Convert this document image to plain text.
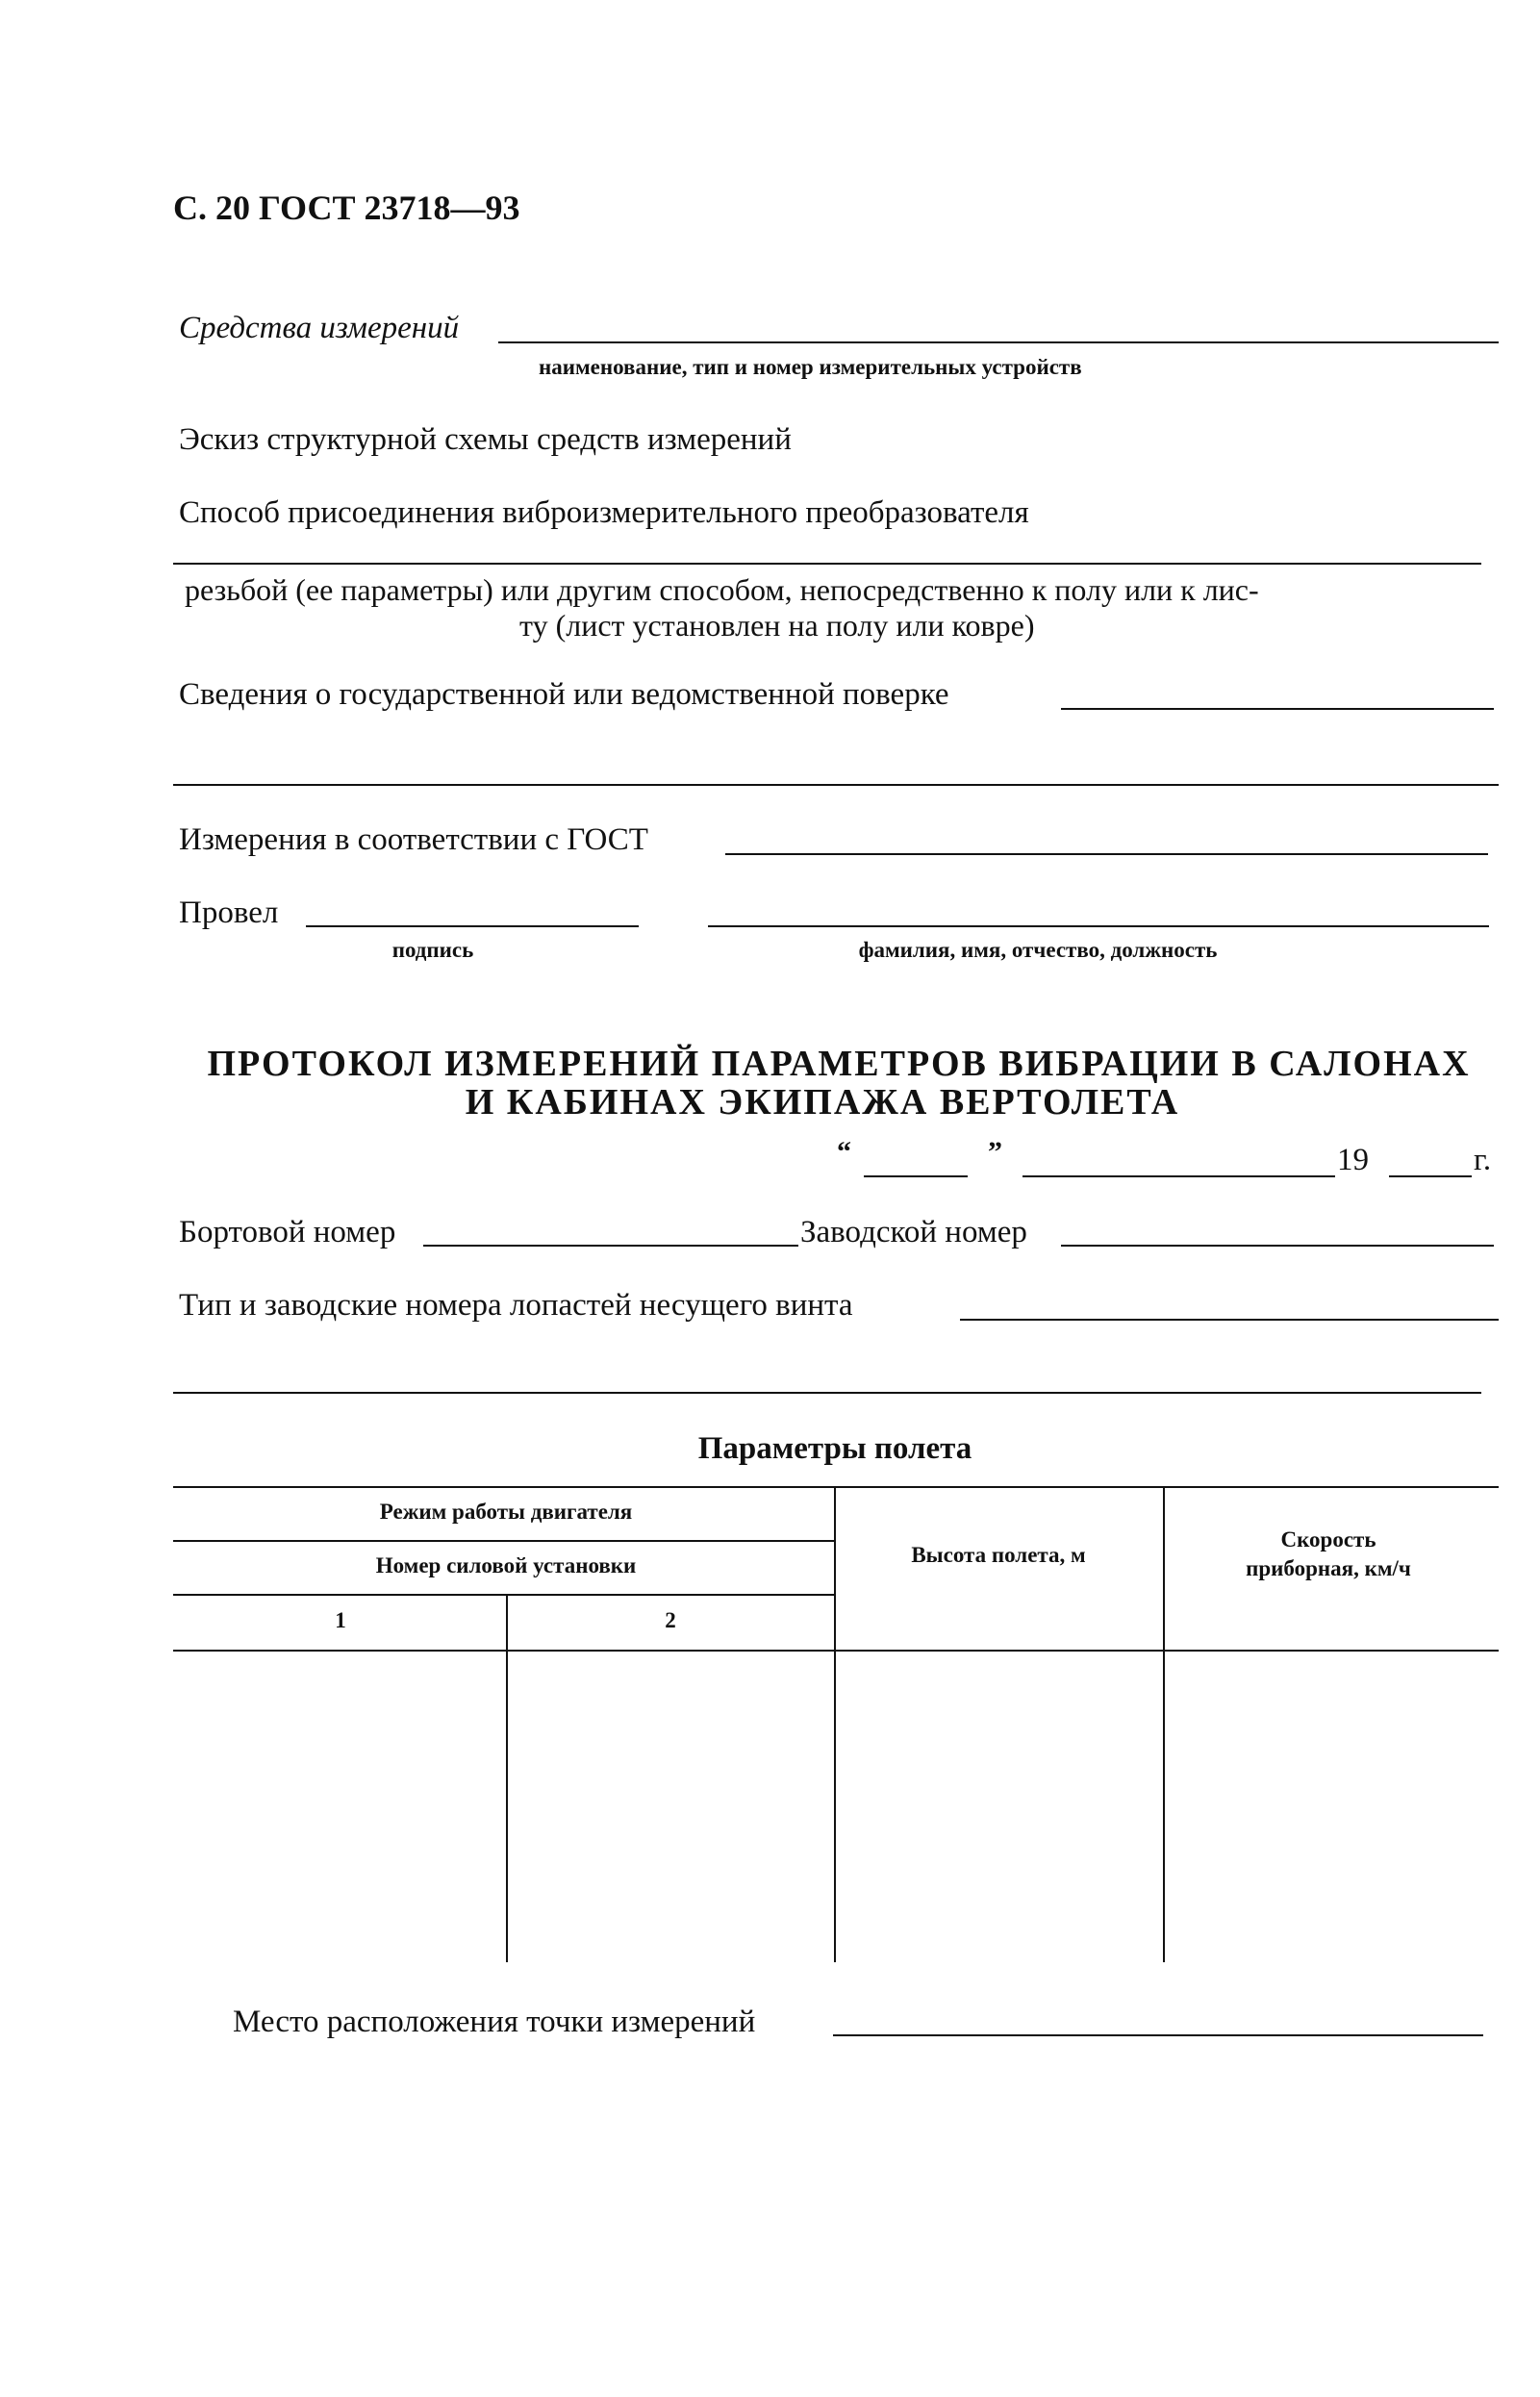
С. 20 ГОСТ 23718—93
Средства измерений
наименование, тип и номер измерительных устройств
Эскиз структурной схемы средств измерений
Способ присоединения виброизмерительного преобразователя
резьбой (ее параметры) или другим способом, непосредственно к полу или к лис-
ту (лист установлен на полу или ковре)
Сведения о государственной или ведомственной поверке
Измерения в соответствии с ГОСТ
Провел
подпись	фамилия, имя, отчество, должность
ПРОТОКОЛ ИЗМЕРЕНИЙ ПАРАМЕТРОВ ВИБРАЦИИ В САЛОНАХ
И КАБИНАХ ЭКИПАЖА ВЕРТОЛЕТА
“	”	19	г.
Бортовой номер	Заводской номер
Тип и заводские номера лопастей несущего винта
Параметры полета
Режим работы двигателя
Номер силовой установки
1	2
Высота полета, м
Скорость
приборная, км/ч
Место расположения точки измерений
